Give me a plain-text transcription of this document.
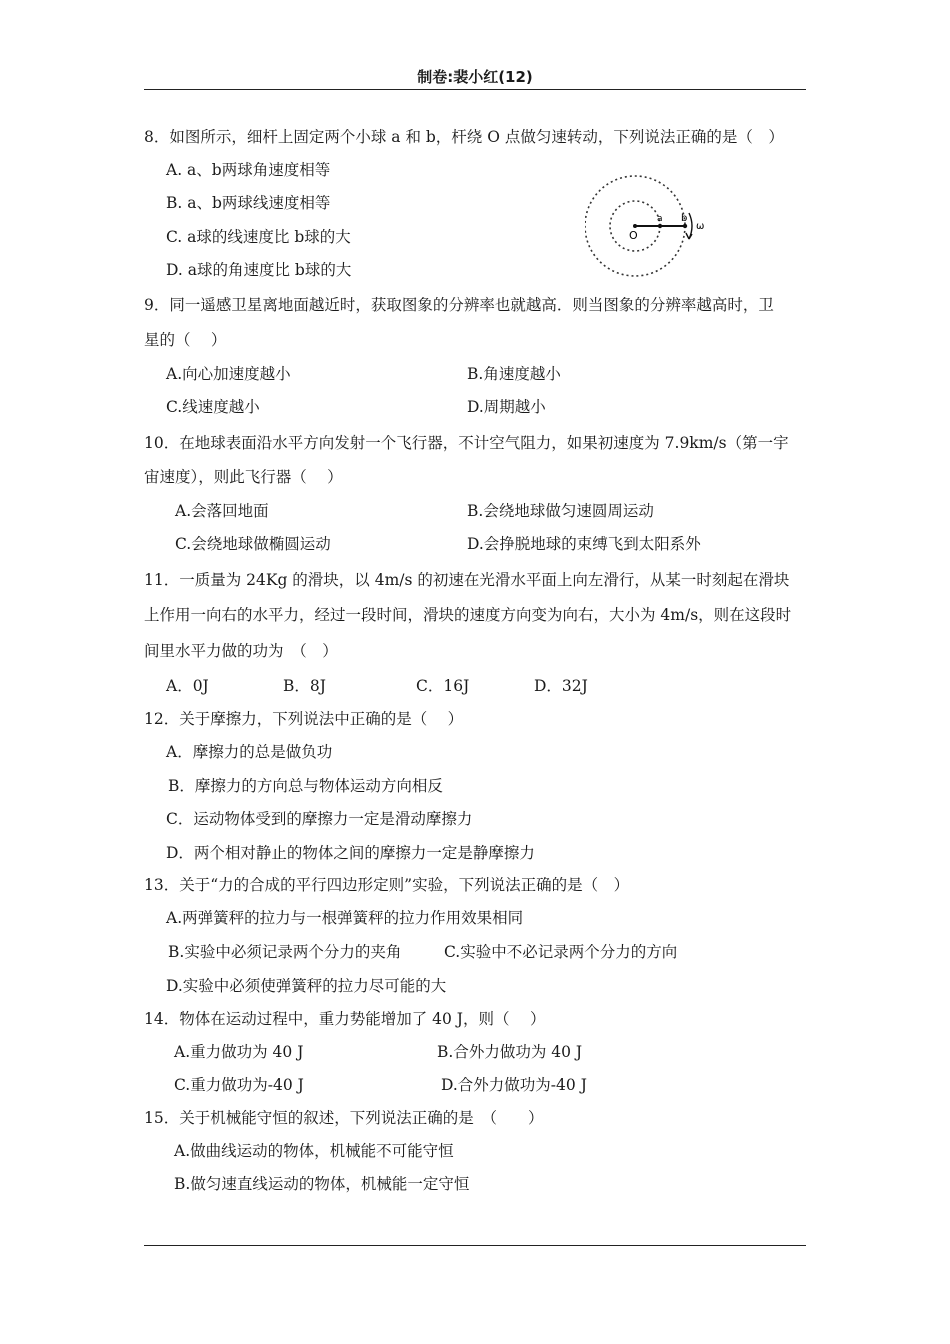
制卷:裴小红(12)
8．如图所示，细杆上固定两个小球 a 和 b，杆绕 O 点做匀速转动，下列说法正确的是（　）
A. a、b两球角速度相等
B. a、b两球线速度相等
C. a球的线速度比 b球的大
D. a球的角速度比 b球的大
O
a b
ω
9．同一遥感卫星离地面越近时，获取图象的分辨率也就越高．则当图象的分辨率越高时，卫
星的（　 ）
A.向心加速度越小	B.角速度越小
C.线速度越小	D.周期越小
10．在地球表面沿水平方向发射一个飞行器，不计空气阻力，如果初速度为 7.9km/s（第一宇
宙速度），则此飞行器（　 ）
A.会落回地面	B.会绕地球做匀速圆周运动
C.会绕地球做椭圆运动	D.会挣脱地球的束缚飞到太阳系外
11．一质量为 24Kg 的滑块，以 4m/s 的初速在光滑水平面上向左滑行，从某一时刻起在滑块
上作用一向右的水平力，经过一段时间，滑块的速度方向变为向右，大小为 4m/s，则在这段时
间里水平力做的功为　（　）
A．0J	B．8J	C．16J	D．32J
12．关于摩擦力，下列说法中正确的是（　 ）
A．摩擦力的总是做负功
B．摩擦力的方向总与物体运动方向相反
C．运动物体受到的摩擦力一定是滑动摩擦力
D．两个相对静止的物体之间的摩擦力一定是静摩擦力
13．关于“力的合成的平行四边形定则”实验，下列说法正确的是（　）
A.两弹簧秤的拉力与一根弹簧秤的拉力作用效果相同
B.实验中必须记录两个分力的夹角	C.实验中不必记录两个分力的方向
D.实验中必须使弹簧秤的拉力尽可能的大
14．物体在运动过程中，重力势能增加了 40 J，则（　 ）
A.重力做功为 40 J	B.合外力做功为 40 J
C.重力做功为-40 J	D.合外力做功为-40 J
15．关于机械能守恒的叙述，下列说法正确的是　（　　）
A.做曲线运动的物体，机械能不可能守恒
B.做匀速直线运动的物体，机械能一定守恒
